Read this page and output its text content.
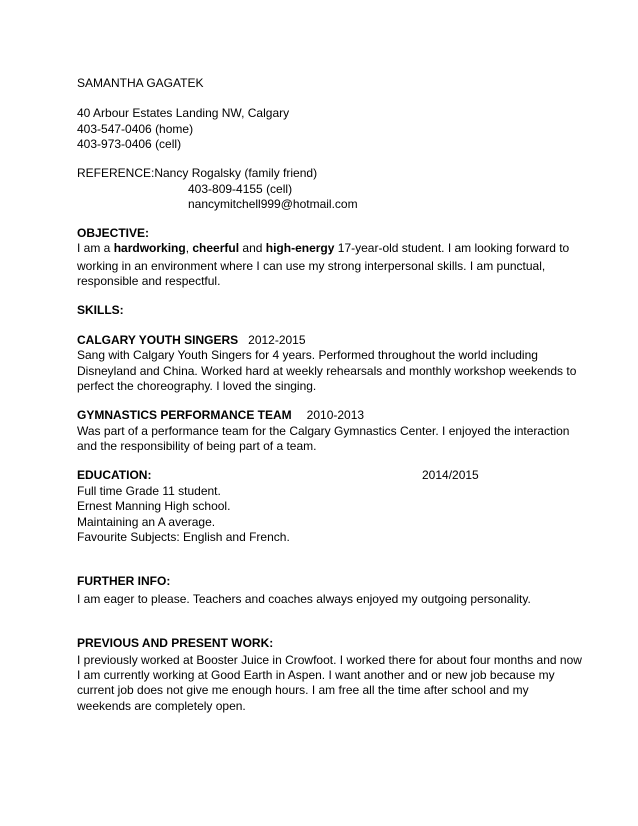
SAMANTHA GAGATEK
40 Arbour Estates Landing NW, Calgary
403-547-0406 (home)
403-973-0406 (cell)
REFERENCE:Nancy Rogalsky (family friend)
403-809-4155 (cell)
nancymitchell999@hotmail.com
OBJECTIVE:
I am a hardworking, cheerful and high-energy 17-year-old student. I am looking forward to
working in an environment where I can use my strong interpersonal skills. I am punctual,
responsible and respectful.
SKILLS:
CALGARY YOUTH SINGERS 2012-2015
Sang with Calgary Youth Singers for 4 years. Performed throughout the world including
Disneyland and China. Worked hard at weekly rehearsals and monthly workshop weekends to
perfect the choreography. I loved the singing.
GYMNASTICS PERFORMANCE TEAM 2010-2013
Was part of a performance team for the Calgary Gymnastics Center. I enjoyed the interaction
and the responsibility of being part of a team.
EDUCATION:	2014/2015
Full time Grade 11 student.
Ernest Manning High school.
Maintaining an A average.
Favourite Subjects: English and French.
FURTHER INFO:
I am eager to please. Teachers and coaches always enjoyed my outgoing personality.
PREVIOUS AND PRESENT WORK:
I previously worked at Booster Juice in Crowfoot. I worked there for about four months and now
I am currently working at Good Earth in Aspen. I want another and or new job because my
current job does not give me enough hours. I am free all the time after school and my
weekends are completely open.
